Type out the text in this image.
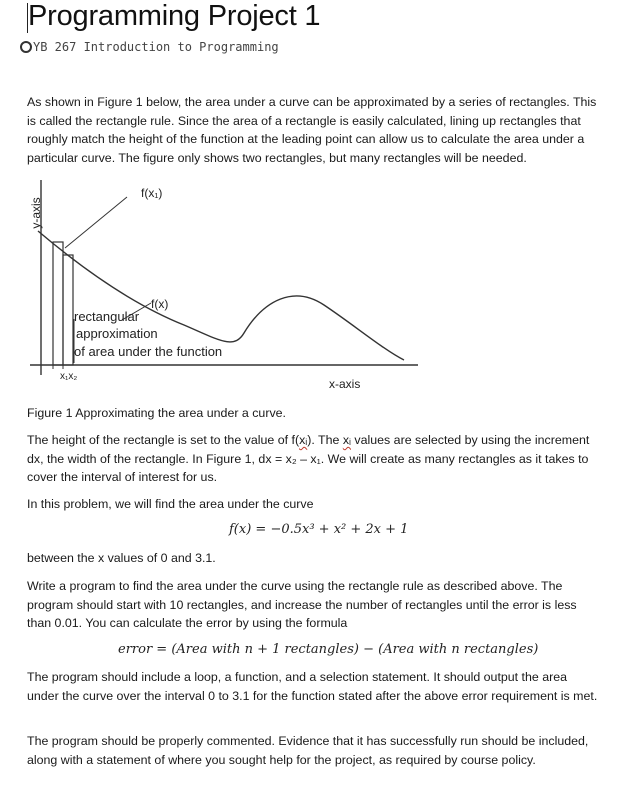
Programming Project 1
YB 267 Introduction to Programming
As shown in Figure 1 below, the area under a curve can be approximated by a series of rectangles. This is called the rectangle rule. Since the area of a rectangle is easily calculated, lining up rectangles that roughly match the height of the function at the leading point can allow us to calculate the area under a particular curve. The figure only shows two rectangles, but many rectangles will be needed.
y-axis
f(x₁)
f(x)
rectangular
approximation
of area under the function
x₁x₂
x-axis
Figure 1 Approximating the area under a curve.
The height of the rectangle is set to the value of f(xᵢ). The xᵢ values are selected by using the increment dx, the width of the rectangle. In Figure 1, dx = x₂ – x₁. We will create as many rectangles as it takes to cover the interval of interest for us.
In this problem, we will find the area under the curve
f(x) = −0.5x³ + x² + 2x + 1
between the x values of 0 and 3.1.
Write a program to find the area under the curve using the rectangle rule as described above. The program should start with 10 rectangles, and increase the number of rectangles until the error is less than 0.01. You can calculate the error by using the formula
error = (Area with n + 1 rectangles) − (Area with n rectangles)
The program should include a loop, a function, and a selection statement. It should output the area under the curve over the interval 0 to 3.1 for the function stated after the above error requirement is met.
The program should be properly commented. Evidence that it has successfully run should be included, along with a statement of where you sought help for the project, as required by course policy.
